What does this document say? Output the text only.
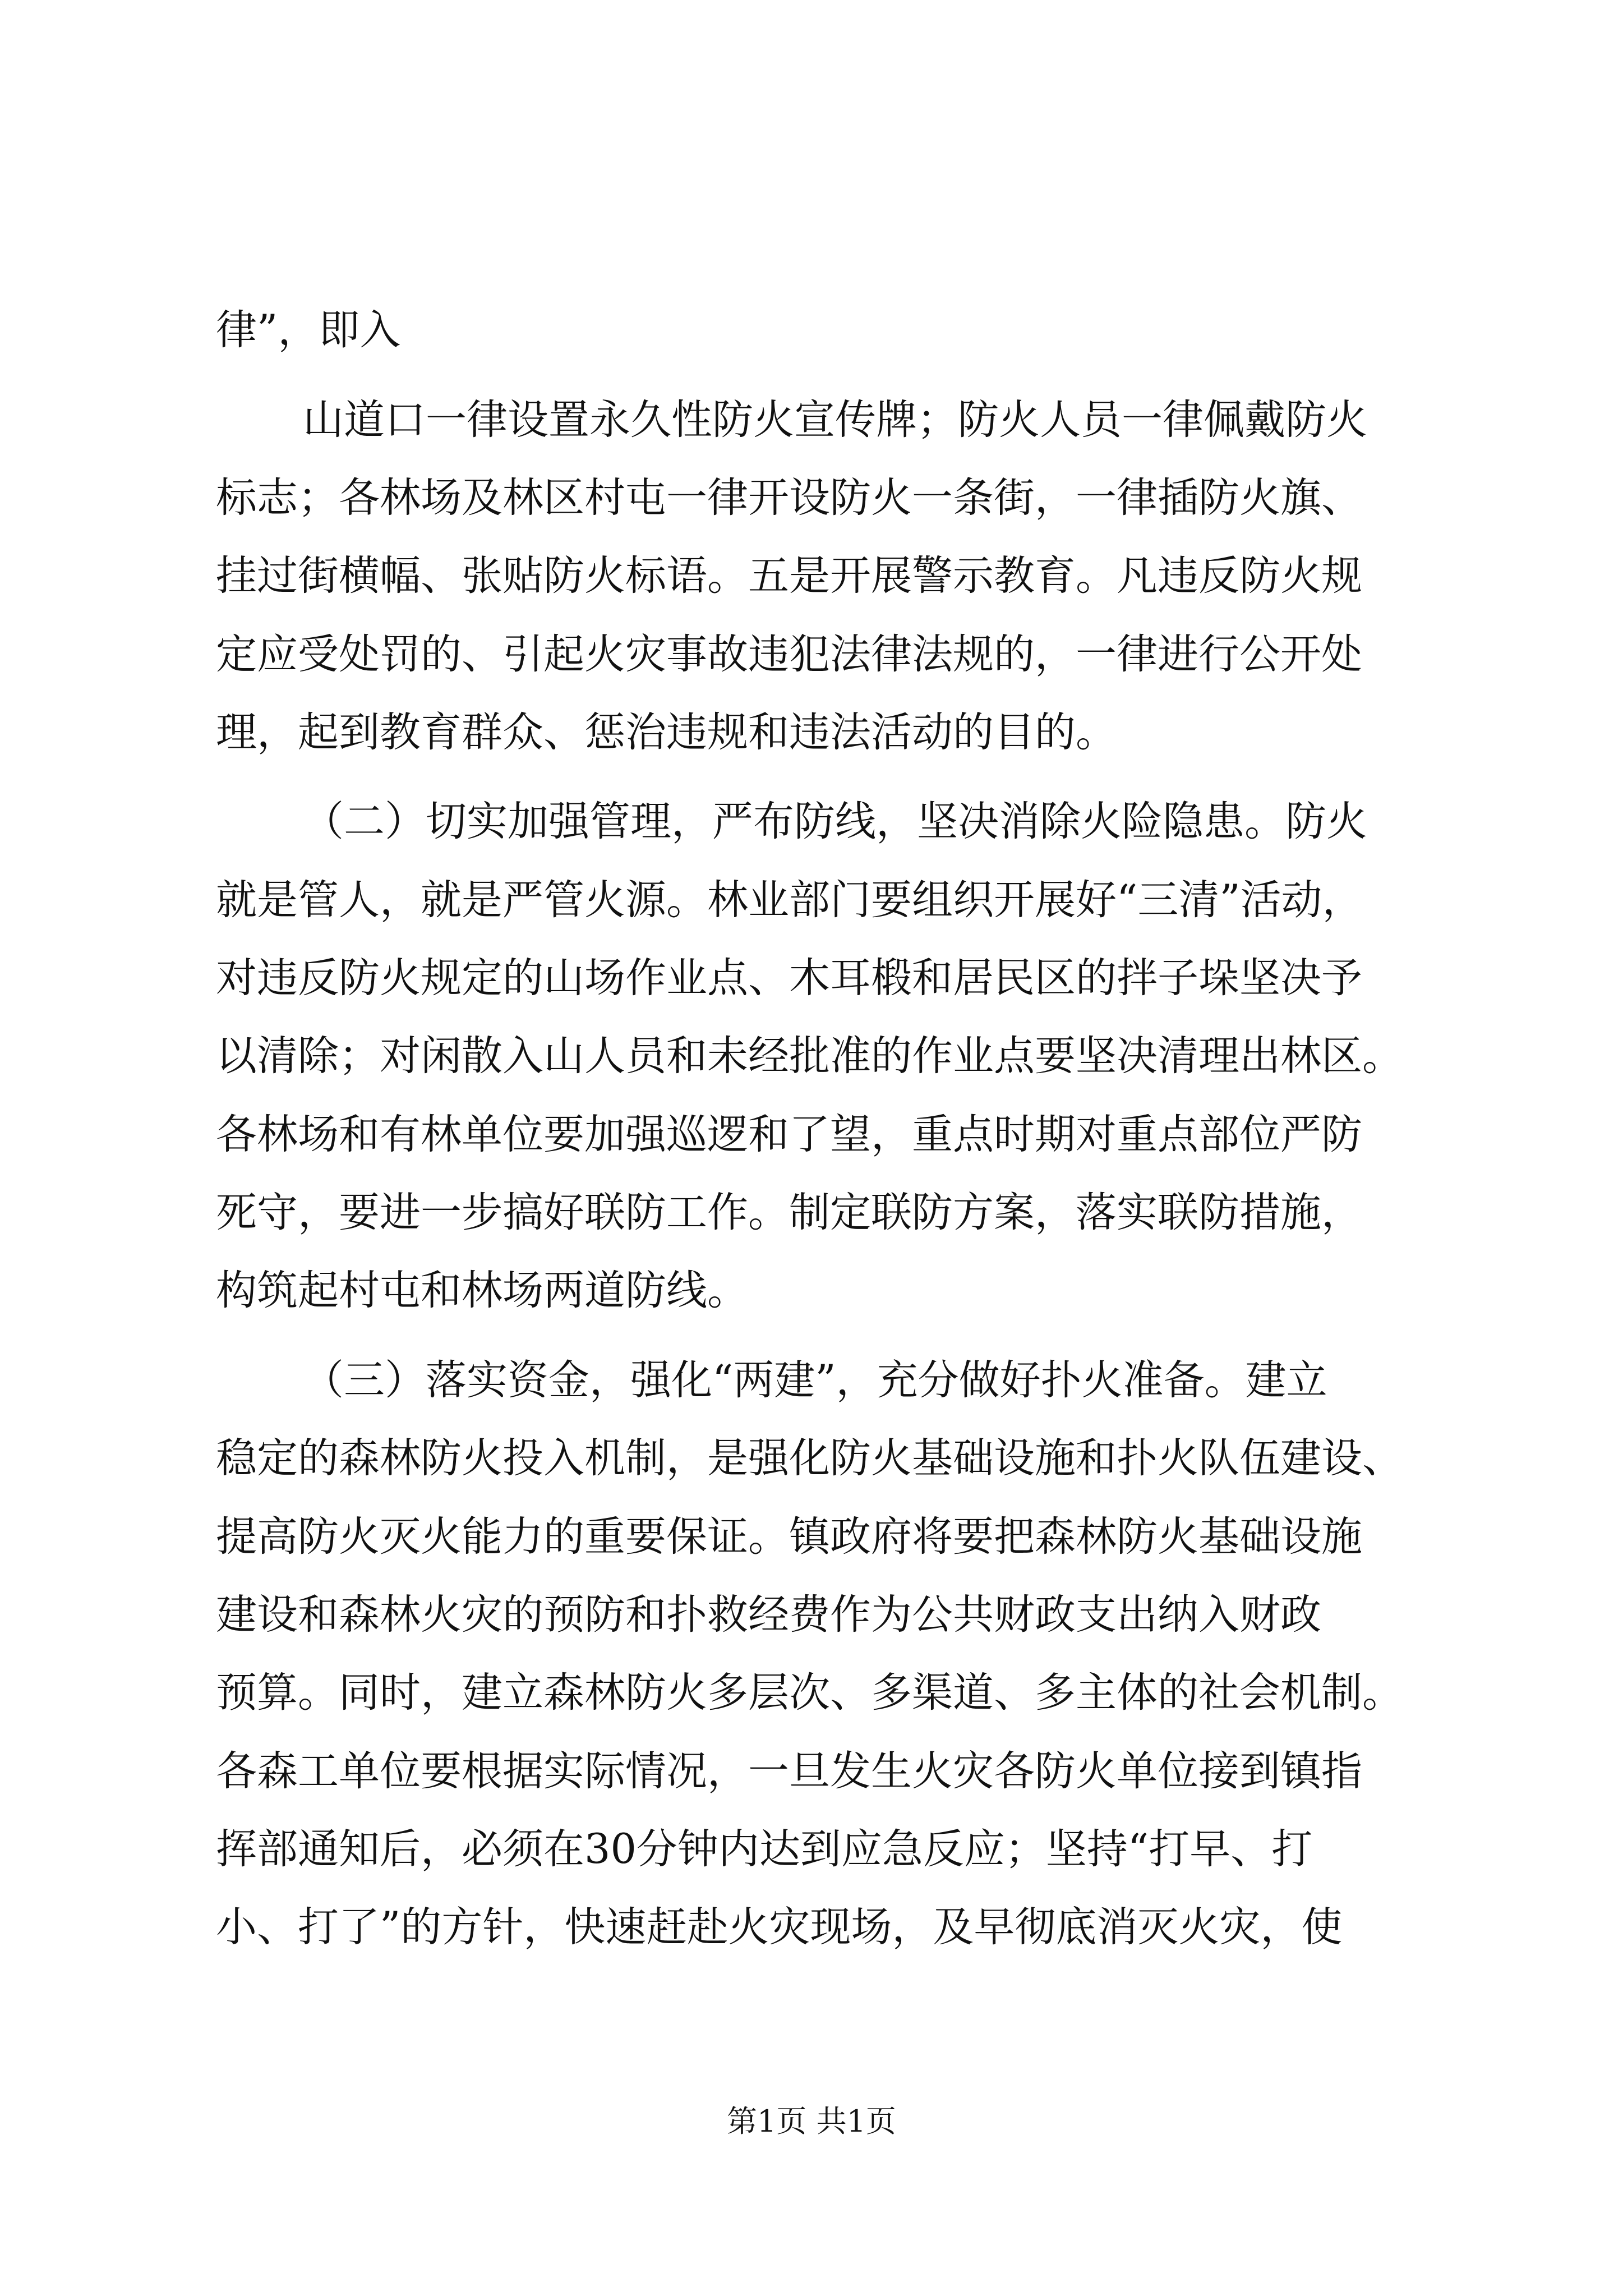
律”，即入
山道口一律设置永久性防火宣传牌；防火人员一律佩戴防火
标志；各林场及林区村屯一律开设防火一条街，一律插防火旗、
挂过街横幅、张贴防火标语。五是开展警示教育。凡违反防火规
定应受处罚的、引起火灾事故违犯法律法规的，一律进行公开处
理，起到教育群众、惩治违规和违法活动的目的。
（二）切实加强管理，严布防线，坚决消除火险隐患。防火
就是管人，就是严管火源。林业部门要组织开展好“三清”活动，
对违反防火规定的山场作业点、木耳椴和居民区的拌子垛坚决予
以清除；对闲散入山人员和未经批准的作业点要坚决清理出林区。
各林场和有林单位要加强巡逻和了望，重点时期对重点部位严防
死守，要进一步搞好联防工作。制定联防方案，落实联防措施，
构筑起村屯和林场两道防线。
（三）落实资金，强化“两建”，充分做好扑火准备。建立
稳定的森林防火投入机制，是强化防火基础设施和扑火队伍建设、
提高防火灭火能力的重要保证。镇政府将要把森林防火基础设施
建设和森林火灾的预防和扑救经费作为公共财政支出纳入财政
预算。同时，建立森林防火多层次、多渠道、多主体的社会机制。
各森工单位要根据实际情况，一旦发生火灾各防火单位接到镇指
挥部通知后，必须在30分钟内达到应急反应；坚持“打早、打
小、打了”的方针，快速赶赴火灾现场，及早彻底消灭火灾，使
第1页 共1页
